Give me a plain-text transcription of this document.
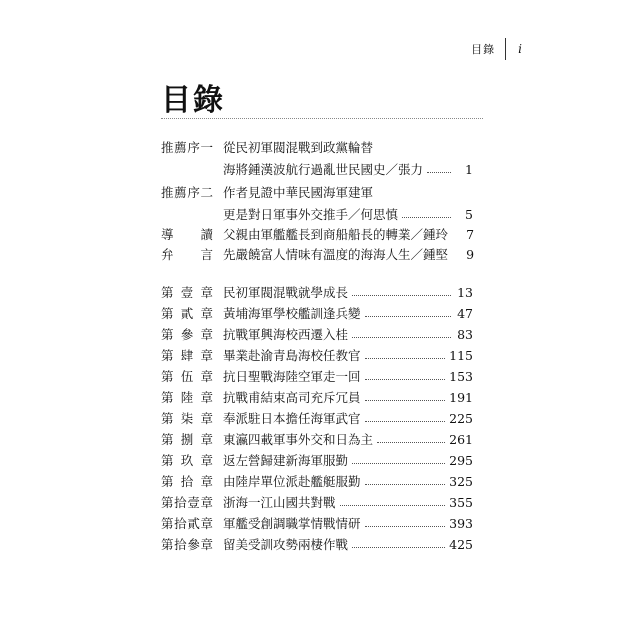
目錄 i
目錄
推 薦 序 一 從民初軍閥混戰到政黨輪替
海將鍾漢波航行過亂世民國史／張力	1
推 薦 序 二 作者見證中華民國海軍建軍
更是對日軍事外交推手／何思慎	5
導 讀 父親由軍艦艦長到商船船長的轉業／鍾玲	7
弁 言 先嚴饒富人情味有溫度的海海人生／鍾堅	9
第 壹 章 民初軍閥混戰就學成長	13
第 貳 章 黃埔海軍學校艦訓逢兵變	47
第 參 章 抗戰軍興海校西遷入桂	83
第 肆 章 畢業赴渝青島海校任教官	115
第 伍 章 抗日聖戰海陸空軍走一回	153
第 陸 章 抗戰甫結束高司充斥冗員	191
第 柒 章 奉派駐日本擔任海軍武官	225
第 捌 章 東瀛四載軍事外交和日為主	261
第 玖 章 返左營歸建新海軍服勤	295
第 拾 章 由陸岸單位派赴艦艇服勤	325
第 拾 壹 章 浙海一江山國共對戰	355
第 拾 貳 章 軍艦受創調職掌情戰情研	393
第 拾 參 章 留美受訓攻勢兩棲作戰	425
